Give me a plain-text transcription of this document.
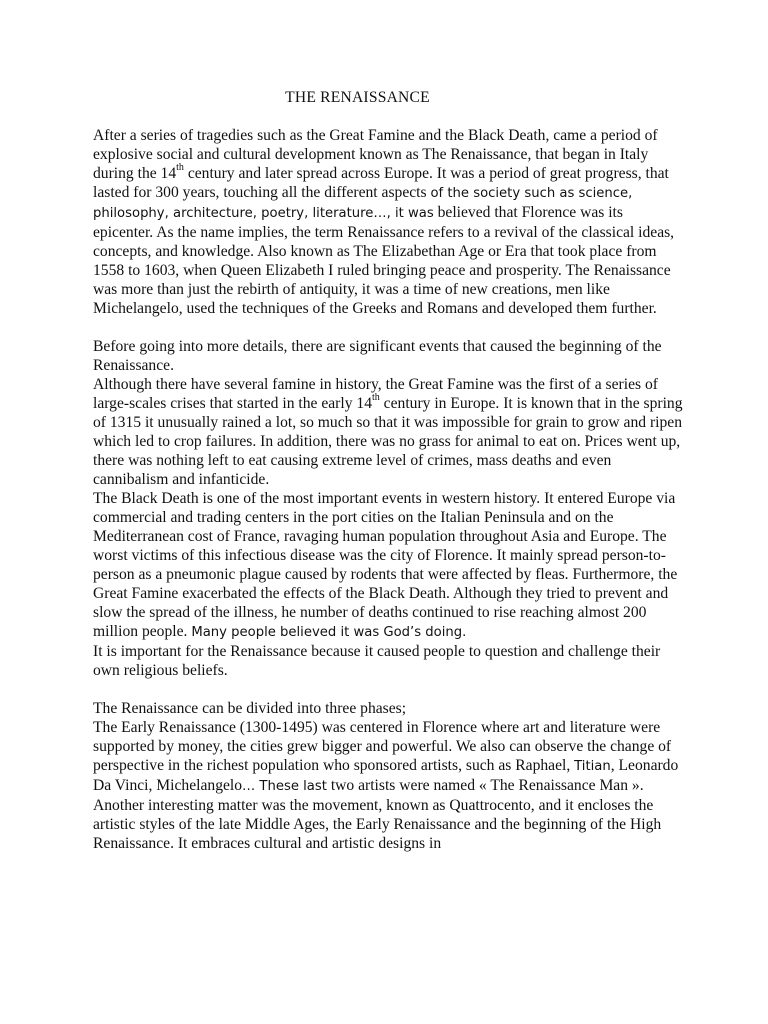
THE RENAISSANCE

After a series of tragedies such as the Great Famine and the Black Death, came a period of explosive social and cultural development known as The Renaissance, that began in Italy during the 14th century and later spread across Europe. It was a period of great progress, that lasted for 300 years, touching all the different aspects of the society such as science, philosophy, architecture, poetry, literature…, it was believed that Florence was its epicenter. As the name implies, the term Renaissance refers to a revival of the classical ideas, concepts, and knowledge. Also known as The Elizabethan Age or Era that took place from 1558 to 1603, when Queen Elizabeth I ruled bringing peace and prosperity. The Renaissance was more than just the rebirth of antiquity, it was a time of new creations, men like Michelangelo, used the techniques of the Greeks and Romans and developed them further.

Before going into more details, there are significant events that caused the beginning of the Renaissance.

Although there have several famine in history, the Great Famine was the first of a series of large-scales crises that started in the early 14th century in Europe. It is known that in the spring of 1315 it unusually rained a lot, so much so that it was impossible for grain to grow and ripen which led to crop failures. In addition, there was no grass for animal to eat on. Prices went up, there was nothing left to eat causing extreme level of crimes, mass deaths and even cannibalism and infanticide.

The Black Death is one of the most important events in western history. It entered Europe via commercial and trading centers in the port cities on the Italian Peninsula and on the Mediterranean cost of France, ravaging human population throughout Asia and Europe. The worst victims of this infectious disease was the city of Florence. It mainly spread person-to-person as a pneumonic plague caused by rodents that were affected by fleas. Furthermore, the Great Famine exacerbated the effects of the Black Death. Although they tried to prevent and slow the spread of the illness, he number of deaths continued to rise reaching almost 200 million people. Many people believed it was God’s doing.

It is important for the Renaissance because it caused people to question and challenge their own religious beliefs.

The Renaissance can be divided into three phases;

The Early Renaissance (1300-1495) was centered in Florence where art and literature were supported by money, the cities grew bigger and powerful. We also can observe the change of perspective in the richest population who sponsored artists, such as Raphael, Titian, Leonardo Da Vinci, Michelangelo… These last two artists were named « The Renaissance Man ».

Another interesting matter was the movement, known as Quattrocento, and it encloses the artistic styles of the late Middle Ages, the Early Renaissance and the beginning of the High Renaissance. It embraces cultural and artistic designs in
